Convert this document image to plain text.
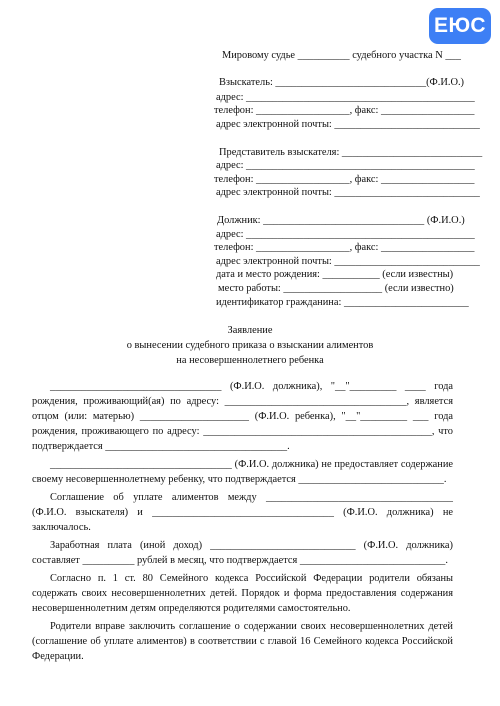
ЕЮС
Мировому судье __________ судебного участка N ___
Взыскатель: _____________________________(Ф.И.О.)
адрес: ____________________________________________
телефон: __________________, факс: __________________
адрес электронной почты: ____________________________
Представитель взыскателя: ___________________________
адрес: ____________________________________________
телефон: __________________, факс: __________________
адрес электронной почты: ____________________________
Должник: _______________________________ (Ф.И.О.)
адрес: ____________________________________________
телефон: __________________, факс: __________________
адрес электронной почты: ____________________________
дата и место рождения: ___________ (если известны)
место работы: ___________________ (если известно)
идентификатор гражданина: ________________________
Заявление
о вынесении судебного приказа о взыскании алиментов
на несовершеннолетнего ребенка

_________________________________ (Ф.И.О. должника), "__"_________ ____ года рождения, проживающий(ая) по адресу: ___________________________________, является отцом (или: матерью) _____________________ (Ф.И.О. ребенка), "__"_________ ___ года рождения, проживающего по адресу: ____________________________________________, что подтверждается ___________________________________.

___________________________________ (Ф.И.О. должника) не предоставляет содержание своему несовершеннолетнему ребенку, что подтверждается ____________________________.

Соглашение об уплате алиментов между ____________________________________ (Ф.И.О. взыскателя) и ___________________________________ (Ф.И.О. должника) не заключалось.

Заработная плата (иной доход) ____________________________ (Ф.И.О. должника) составляет __________ рублей в месяц, что подтверждается ____________________________.

Согласно п. 1 ст. 80 Семейного кодекса Российской Федерации родители обязаны содержать своих несовершеннолетних детей. Порядок и форма предоставления содержания несовершеннолетним детям определяются родителями самостоятельно.

Родители вправе заключить соглашение о содержании своих несовершеннолетних детей (соглашение об уплате алиментов) в соответствии с главой 16 Семейного кодекса Российской Федерации.
